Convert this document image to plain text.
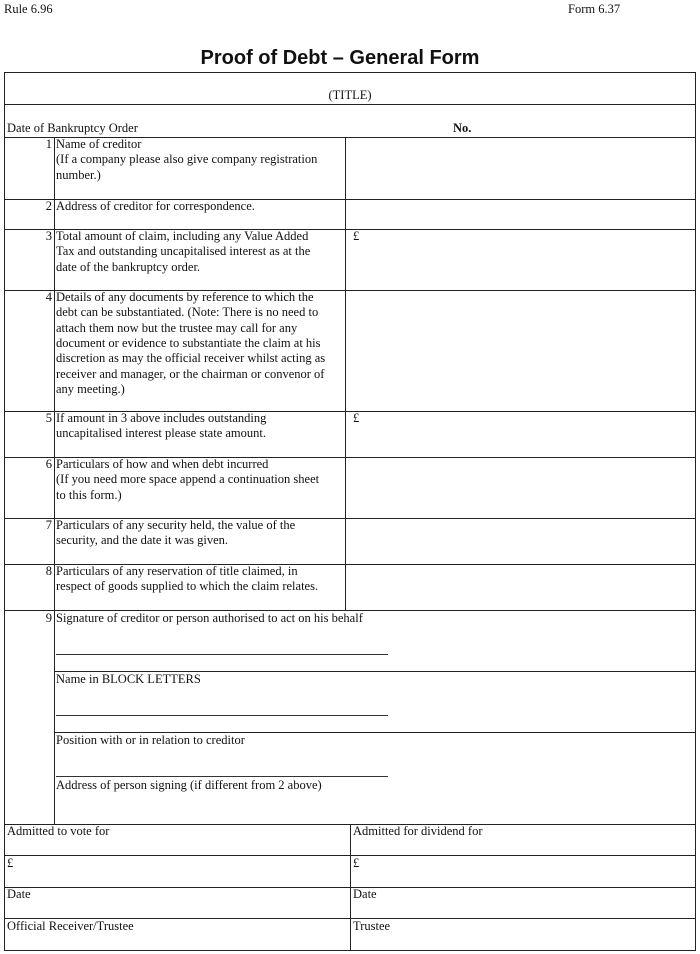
Rule 6.96	Form 6.37
Proof of Debt – General Form
(TITLE)
Date of Bankruptcy Order	No.
1 Name of creditor
(If a company please also give company registration
number.)
2 Address of creditor for correspondence.
3 Total amount of claim, including any Value Added
Tax and outstanding uncapitalised interest as at the
date of the bankruptcy order.
£
4 Details of any documents by reference to which the
debt can be substantiated. (Note: There is no need to
attach them now but the trustee may call for any
document or evidence to substantiate the claim at his
discretion as may the official receiver whilst acting as
receiver and manager, or the chairman or convenor of
any meeting.)
5 If amount in 3 above includes outstanding
uncapitalised interest please state amount.
£
6 Particulars of how and when debt incurred
(If you need more space append a continuation sheet
to this form.)
7 Particulars of any security held, the value of the
security, and the date it was given.
8 Particulars of any reservation of title claimed, in
respect of goods supplied to which the claim relates.
9 Signature of creditor or person authorised to act on his behalf
Name in BLOCK LETTERS
Position with or in relation to creditor
Address of person signing (if different from 2 above)
Admitted to vote for
£
Date
Official Receiver/Trustee
Admitted for dividend for
£
Date
Trustee
